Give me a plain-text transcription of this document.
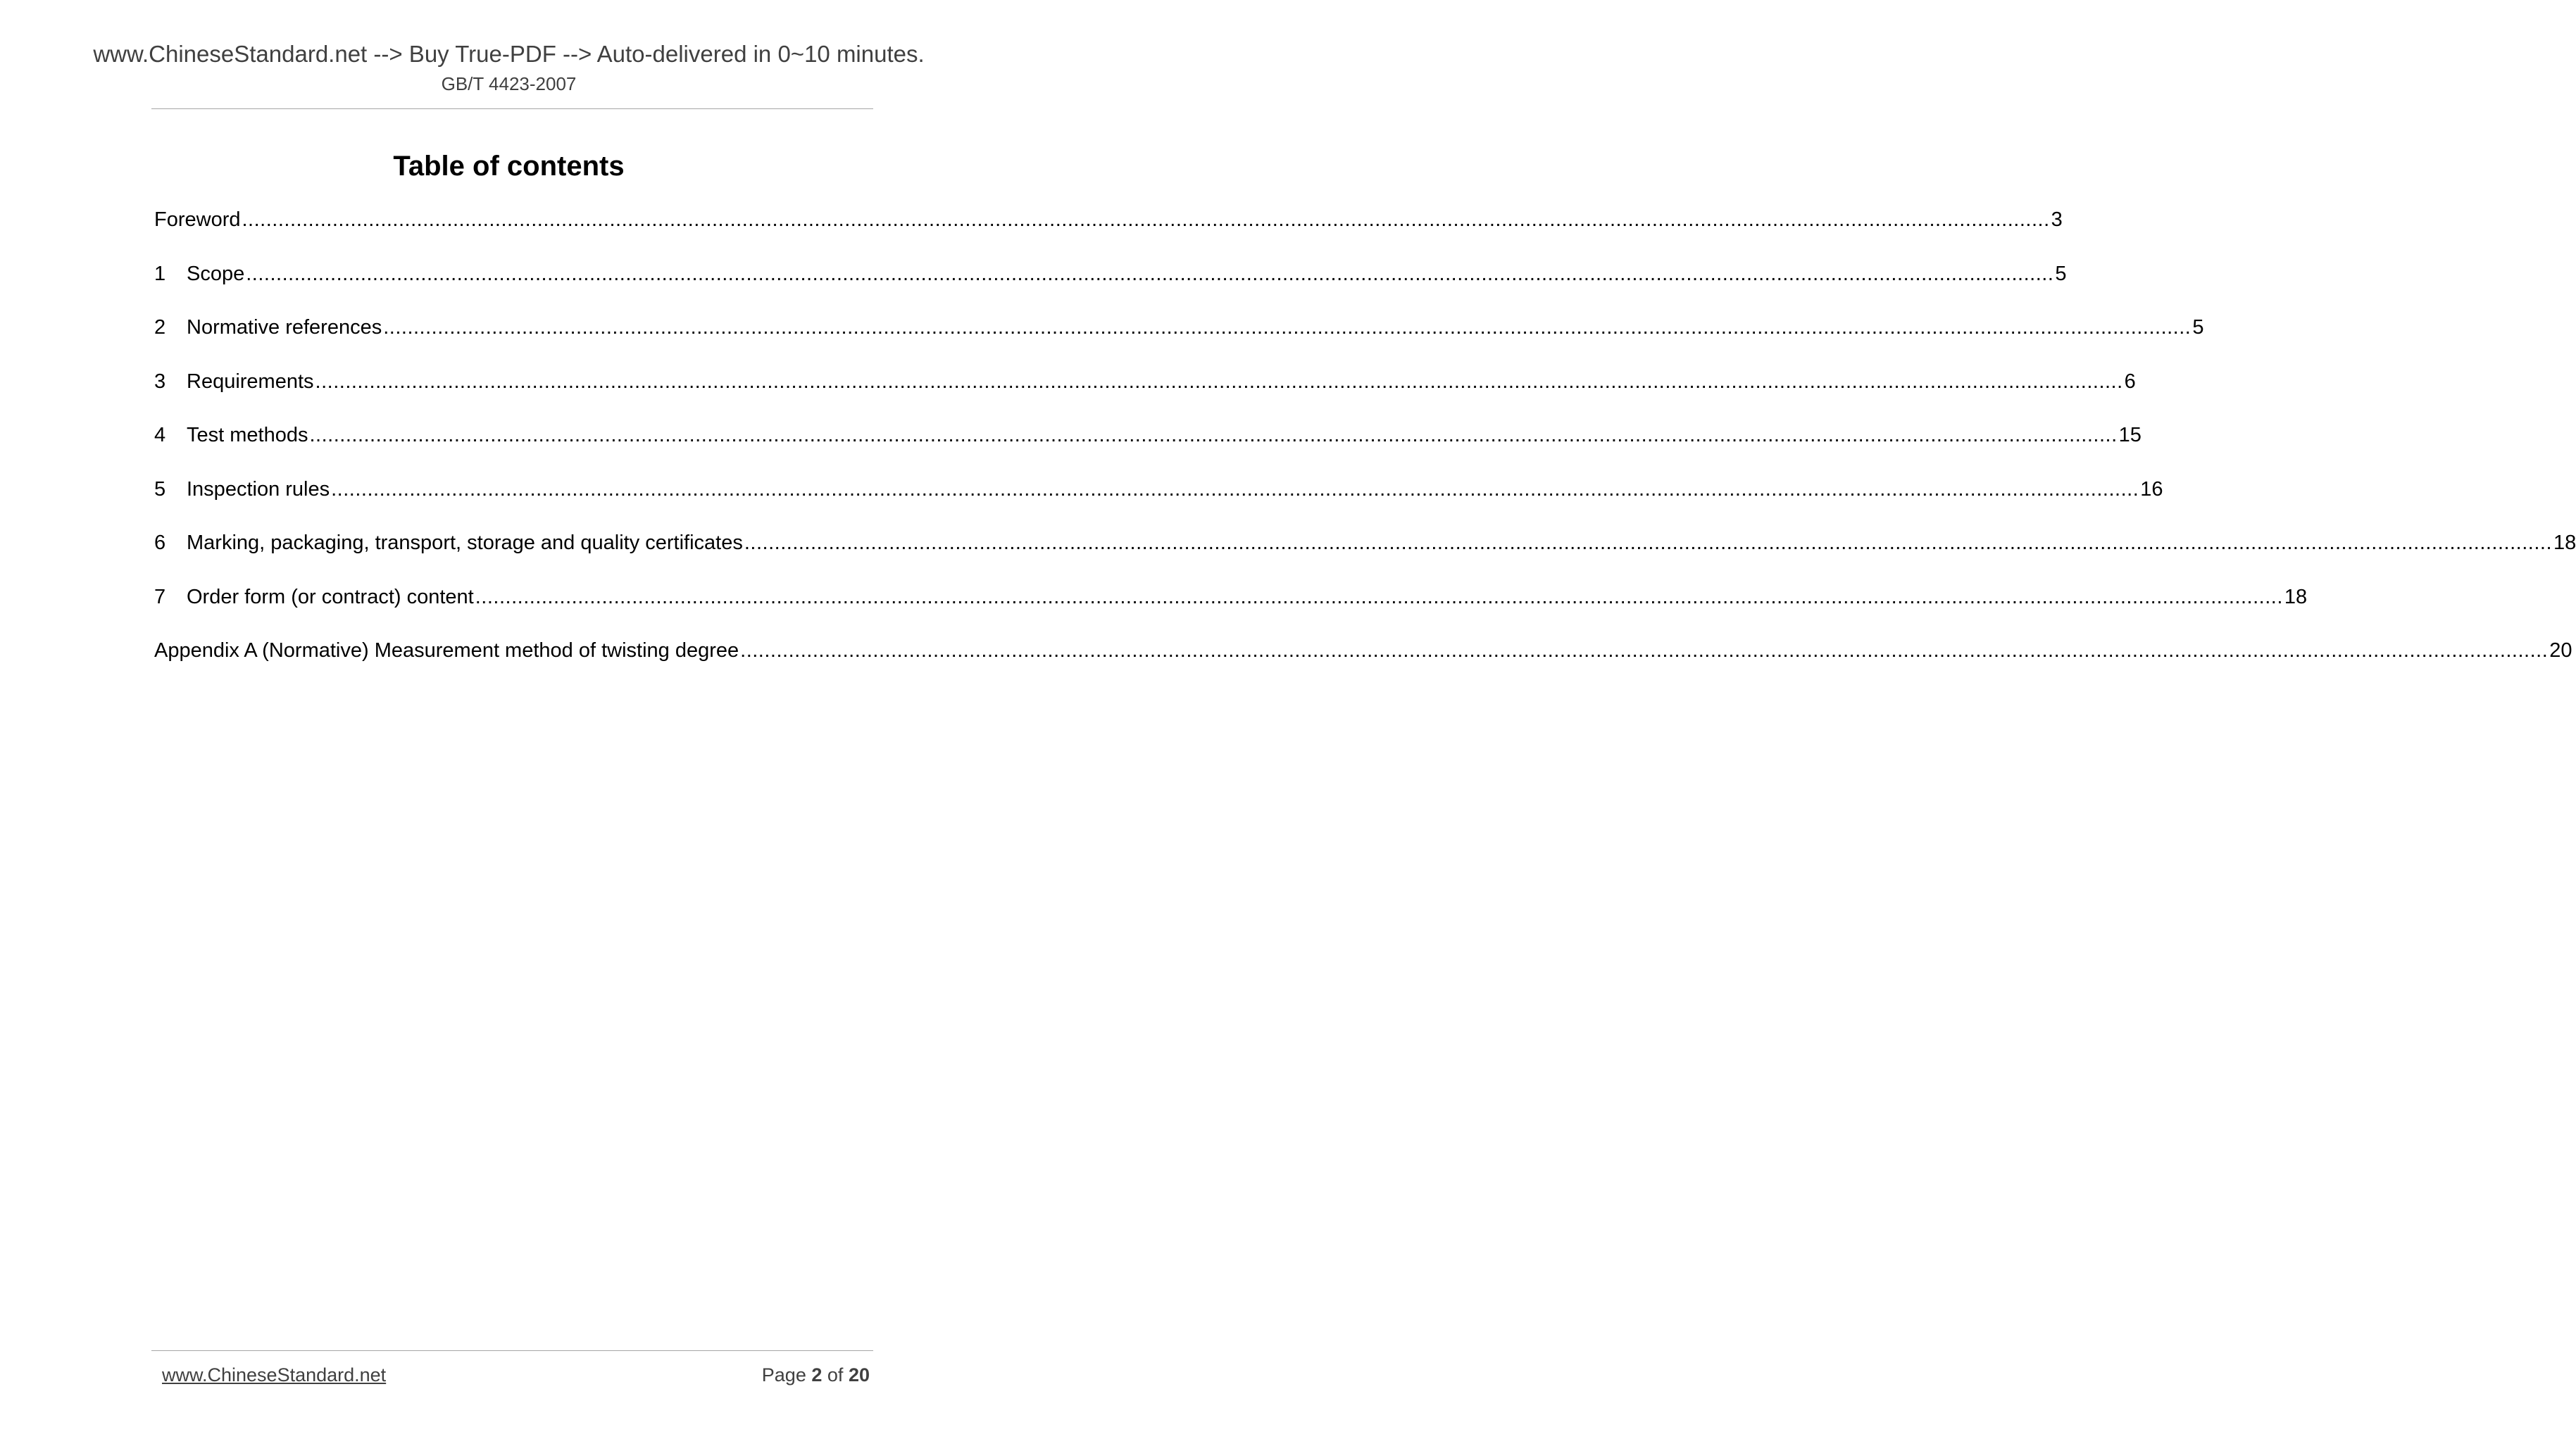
www.ChineseStandard.net --> Buy True-PDF --> Auto-delivered in 0~10 minutes.
GB/T 4423-2007
Table of contents
Foreword ............................................................................................................................................................................................................................................................................................................ 3
1	Scope ............................................................................................................................................................................................................................................................................................................ 5
2	Normative references ............................................................................................................................................................................................................................................................................................................ 5
3	Requirements ............................................................................................................................................................................................................................................................................................................ 6
4	Test methods ............................................................................................................................................................................................................................................................................................................ 15
5	Inspection rules ............................................................................................................................................................................................................................................................................................................ 16
6	Marking, packaging, transport, storage and quality certificates ............................................................................................................................................................................................................................................................................................................ 18
7	Order form (or contract) content ............................................................................................................................................................................................................................................................................................................ 18
Appendix A (Normative) Measurement method of twisting degree ............................................................................................................................................................................................................................................................................................................ 20
www.ChineseStandard.net	Page 2 of 20
